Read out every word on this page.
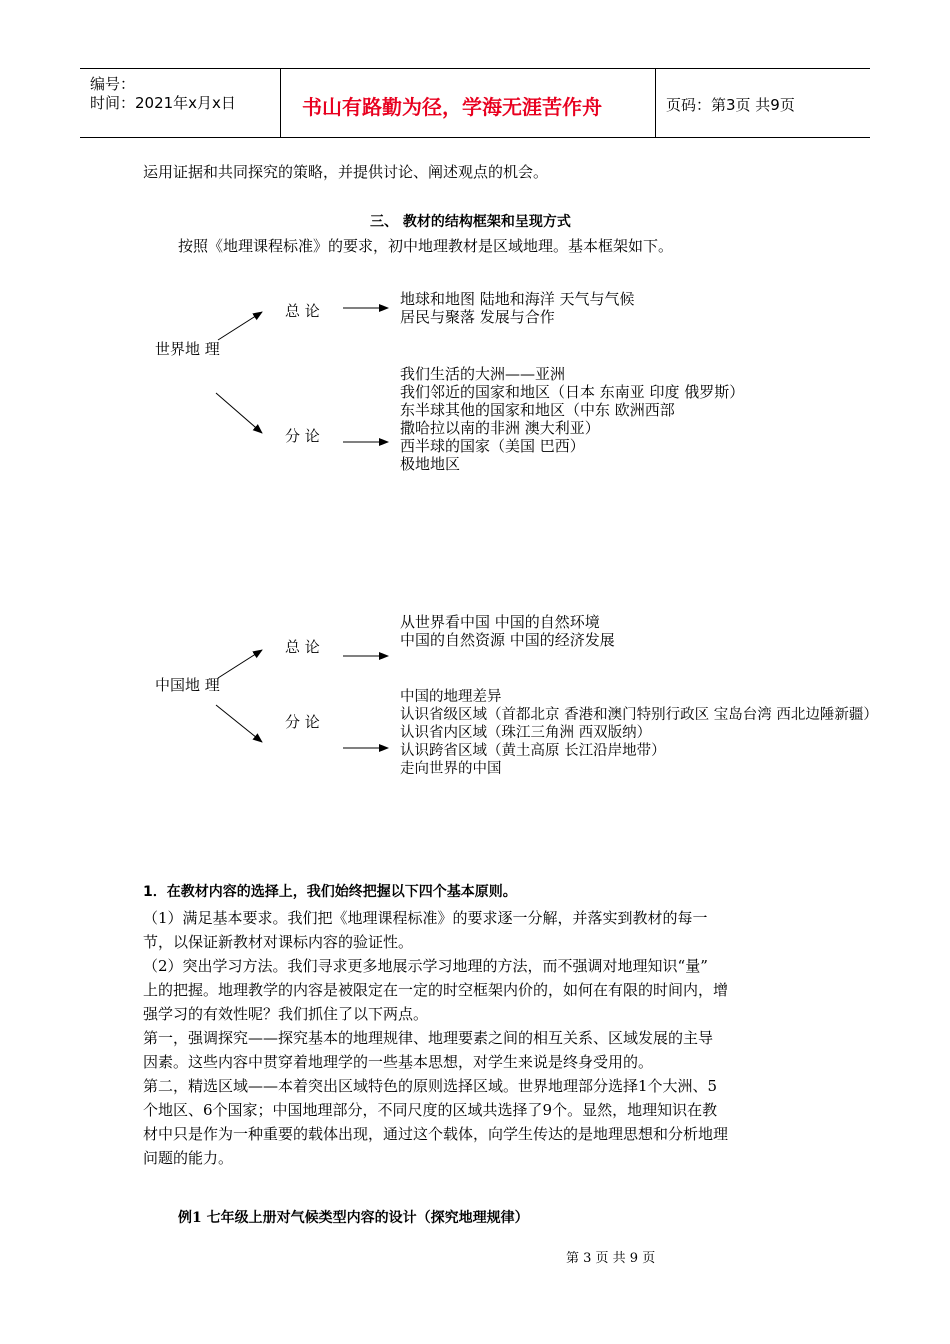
编号：
时间：2021年x月x日	书山有路勤为径，学海无涯苦作舟	页码：第3页 共9页
运用证据和共同探究的策略，并提供讨论、阐述观点的机会。
三、 教材的结构框架和呈现方式
按照《地理课程标准》的要求，初中地理教材是区域地理。基本框架如下。
世界地 理
总 论
地球和地图 陆地和海洋 天气与气候
居民与聚落 发展与合作
分 论
我们生活的大洲——亚洲
我们邻近的国家和地区（日本 东南亚 印度 俄罗斯）
东半球其他的国家和地区（中东 欧洲西部
撒哈拉以南的非洲 澳大利亚）
西半球的国家（美国 巴西）
极地地区
中国地 理
总 论
从世界看中国 中国的自然环境
中国的自然资源 中国的经济发展
分 论
中国的地理差异
认识省级区域（首都北京 香港和澳门特别行政区 宝岛台湾 西北边陲新疆）
认识省内区域（珠江三角洲 西双版纳）
认识跨省区域（黄土高原 长江沿岸地带）
走向世界的中国
1．在教材内容的选择上，我们始终把握以下四个基本原则。
（1）满足基本要求。我们把《地理课程标准》的要求逐一分解，并落实到教材的每一
节，以保证新教材对课标内容的验证性。
（2）突出学习方法。我们寻求更多地展示学习地理的方法，而不强调对地理知识“量”
上的把握。地理教学的内容是被限定在一定的时空框架内价的，如何在有限的时间内，增
强学习的有效性呢？我们抓住了以下两点。
第一，强调探究——探究基本的地理规律、地理要素之间的相互关系、区域发展的主导
因素。这些内容中贯穿着地理学的一些基本思想，对学生来说是终身受用的。
第二，精选区域——本着突出区域特色的原则选择区域。世界地理部分选择1个大洲、5
个地区、6个国家；中国地理部分，不同尺度的区域共选择了9个。显然，地理知识在教
材中只是作为一种重要的载体出现，通过这个载体，向学生传达的是地理思想和分析地理
问题的能力。
例1 七年级上册对气候类型内容的设计（探究地理规律）
第 3 页 共 9 页
